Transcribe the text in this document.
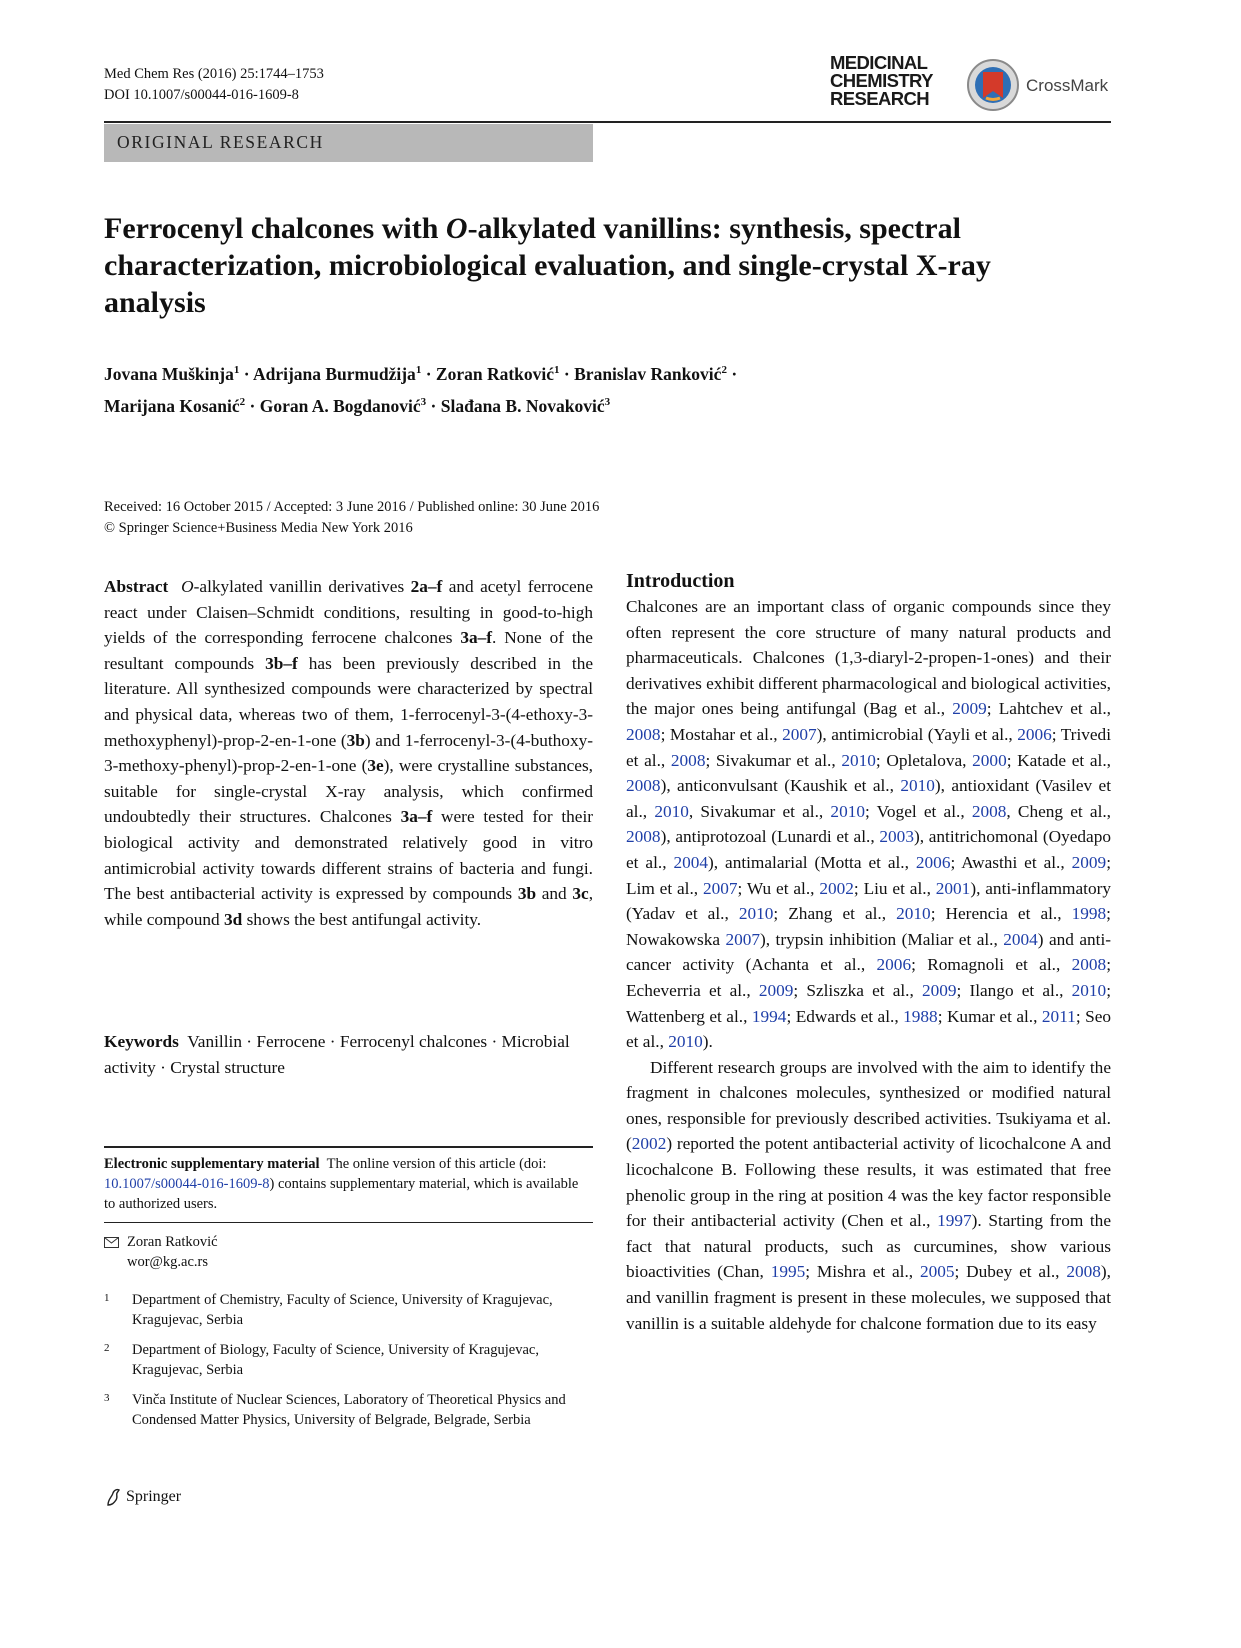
Med Chem Res (2016) 25:1744–1753
DOI 10.1007/s00044-016-1609-8
MEDICINAL
CHEMISTRY
RESEARCH
CrossMark
ORIGINAL RESEARCH
Ferrocenyl chalcones with O-alkylated vanillins: synthesis, spectral
characterization, microbiological evaluation, and single-crystal X-ray
analysis
Jovana Muškinja$^1$ · Adrijana Burmudžija$^1$ · Zoran Ratković$^1$ · Branislav Ranković$^2$ ·
Marijana Kosanić$^2$ · Goran A. Bogdanović$^3$ · Slađana B. Novaković$^3$
Received: 16 October 2015 / Accepted: 3 June 2016 / Published online: 30 June 2016
© Springer Science+Business Media New York 2016
Abstract O-alkylated vanillin derivatives 2a–f and acetyl ferrocene react under Claisen–Schmidt conditions, resulting in good-to-high yields of the corresponding ferrocene chalcones 3a–f. None of the resultant compounds 3b–f has been previously described in the literature. All synthesized compounds were characterized by spectral and physical data, whereas two of them, 1-ferrocenyl-3-(4-ethoxy-3-methoxyphenyl)-prop-2-en-1-one (3b) and 1-ferrocenyl-3-(4-buthoxy-3-methoxy-phenyl)-prop-2-en-1-one (3e), were crystalline substances, suitable for single-crystal X-ray analysis, which confirmed undoubtedly their structures. Chalcones 3a–f were tested for their biological activity and demonstrated relatively good in vitro antimicrobial activity towards different strains of bacteria and fungi. The best antibacterial activity is expressed by compounds 3b and 3c, while compound 3d shows the best antifungal activity.
Keywords Vanillin · Ferrocene · Ferrocenyl chalcones · Microbial activity · Crystal structure
Electronic supplementary material The online version of this article (doi: 10.1007/s00044-016-1609-8) contains supplementary material, which is available to authorized users.
Zoran Ratković
wor@kg.ac.rs
1 Department of Chemistry, Faculty of Science, University of Kragujevac, Kragujevac, Serbia
2 Department of Biology, Faculty of Science, University of Kragujevac, Kragujevac, Serbia
3 Vinča Institute of Nuclear Sciences, Laboratory of Theoretical Physics and Condensed Matter Physics, University of Belgrade, Belgrade, Serbia
Springer
Introduction
Chalcones are an important class of organic compounds since they often represent the core structure of many natural products and pharmaceuticals. Chalcones (1,3-diaryl-2-propen-1-ones) and their derivatives exhibit different pharmacological and biological activities, the major ones being antifungal (Bag et al., 2009; Lahtchev et al., 2008; Mostahar et al., 2007), antimicrobial (Yayli et al., 2006; Trivedi et al., 2008; Sivakumar et al., 2010; Opletalova, 2000; Katade et al., 2008), anticonvulsant (Kaushik et al., 2010), antioxidant (Vasilev et al., 2010, Sivakumar et al., 2010; Vogel et al., 2008, Cheng et al., 2008), antiprotozoal (Lunardi et al., 2003), antitrichomonal (Oyedapo et al., 2004), antimalarial (Motta et al., 2006; Awasthi et al., 2009; Lim et al., 2007; Wu et al., 2002; Liu et al., 2001), anti-inflammatory (Yadav et al., 2010; Zhang et al., 2010; Herencia et al., 1998; Nowakowska 2007), trypsin inhibition (Maliar et al., 2004) and anti-cancer activity (Achanta et al., 2006; Romagnoli et al., 2008; Echeverria et al., 2009; Szliszka et al., 2009; Ilango et al., 2010; Wattenberg et al., 1994; Edwards et al., 1988; Kumar et al., 2011; Seo et al., 2010).
Different research groups are involved with the aim to identify the fragment in chalcones molecules, synthesized or modified natural ones, responsible for previously described activities. Tsukiyama et al. (2002) reported the potent antibacterial activity of licochalcone A and licochalcone B. Following these results, it was estimated that free phenolic group in the ring at position 4 was the key factor responsible for their antibacterial activity (Chen et al., 1997). Starting from the fact that natural products, such as curcumines, show various bioactivities (Chan, 1995; Mishra et al., 2005; Dubey et al., 2008), and vanillin fragment is present in these molecules, we supposed that vanillin is a suitable aldehyde for chalcone formation due to its easy
